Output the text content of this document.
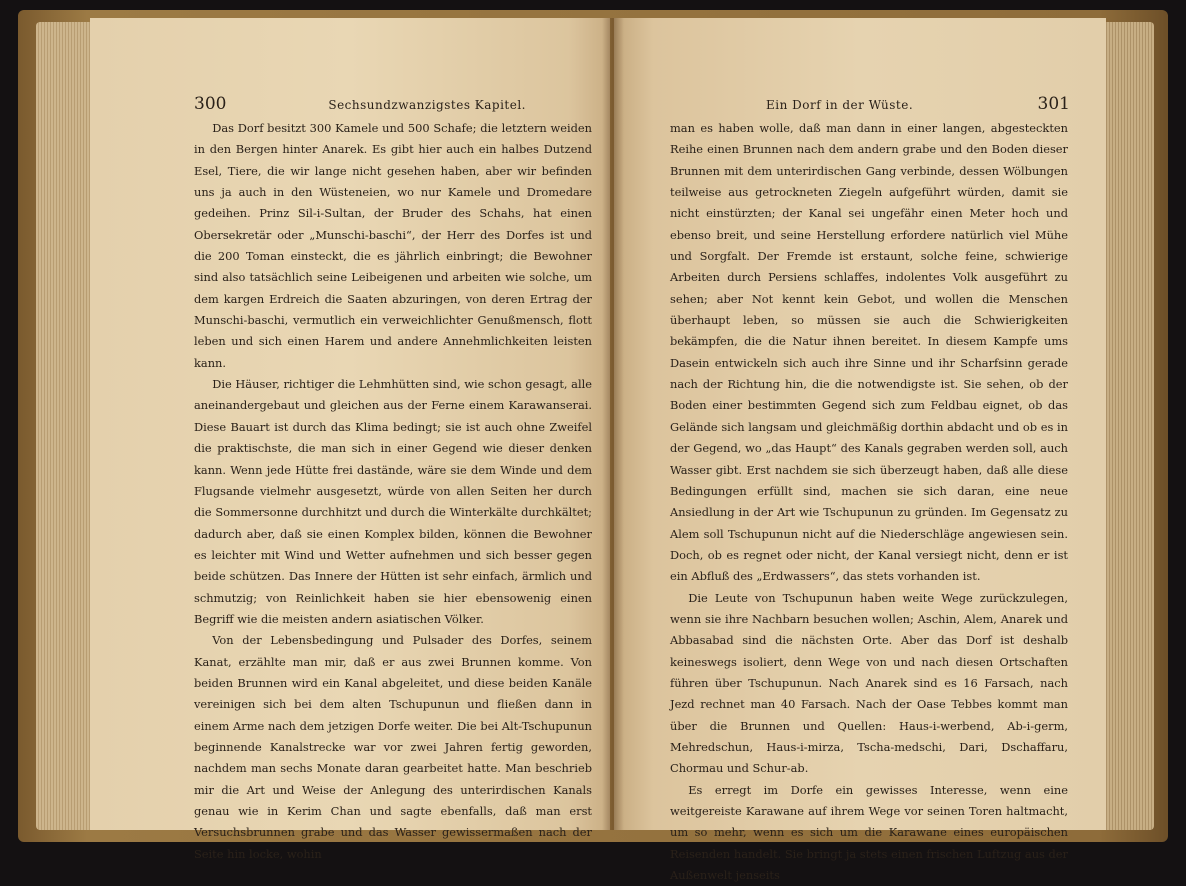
300	Sechsundzwanzigstes Kapitel.

Das Dorf besitzt 300 Kamele und 500 Schafe; die letztern weiden in den Bergen hinter Anarek. Es gibt hier auch ein halbes Dutzend Esel, Tiere, die wir lange nicht gesehen haben, aber wir befinden uns ja auch in den Wüsteneien, wo nur Kamele und Dromedare gedeihen. Prinz Sil-i-Sultan, der Bruder des Schahs, hat einen Obersekretär oder „Munschi-baschi“, der Herr des Dorfes ist und die 200 Toman einsteckt, die es jährlich einbringt; die Bewohner sind also tatsächlich seine Leibeigenen und arbeiten wie solche, um dem kargen Erdreich die Saaten abzuringen, von deren Ertrag der Munschi-baschi, vermutlich ein verweichlichter Genußmensch, flott leben und sich einen Harem und andere Annehmlichkeiten leisten kann.

Die Häuser, richtiger die Lehmhütten sind, wie schon gesagt, alle aneinandergebaut und gleichen aus der Ferne einem Karawanserai. Diese Bauart ist durch das Klima bedingt; sie ist auch ohne Zweifel die praktischste, die man sich in einer Gegend wie dieser denken kann. Wenn jede Hütte frei dastände, wäre sie dem Winde und dem Flugsande vielmehr ausgesetzt, würde von allen Seiten her durch die Sommersonne durchhitzt und durch die Winterkälte durchkältet; dadurch aber, daß sie einen Komplex bilden, können die Bewohner es leichter mit Wind und Wetter aufnehmen und sich besser gegen beide schützen. Das Innere der Hütten ist sehr einfach, ärmlich und schmutzig; von Reinlichkeit haben sie hier ebensowenig einen Begriff wie die meisten andern asiatischen Völker.

Von der Lebensbedingung und Pulsader des Dorfes, seinem Kanat, erzählte man mir, daß er aus zwei Brunnen komme. Von beiden Brunnen wird ein Kanal abgeleitet, und diese beiden Kanäle vereinigen sich bei dem alten Tschupunun und fließen dann in einem Arme nach dem jetzigen Dorfe weiter. Die bei Alt-Tschupunun beginnende Kanalstrecke war vor zwei Jahren fertig geworden, nachdem man sechs Monate daran gearbeitet hatte. Man beschrieb mir die Art und Weise der Anlegung des unterirdischen Kanals genau wie in Kerim Chan und sagte ebenfalls, daß man erst Versuchsbrunnen grabe und das Wasser gewissermaßen nach der Seite hin locke, wohin

Ein Dorf in der Wüste.	301

man es haben wolle, daß man dann in einer langen, abgesteckten Reihe einen Brunnen nach dem andern grabe und den Boden dieser Brunnen mit dem unterirdischen Gang verbinde, dessen Wölbungen teilweise aus getrockneten Ziegeln aufgeführt würden, damit sie nicht einstürzten; der Kanal sei ungefähr einen Meter hoch und ebenso breit, und seine Herstellung erfordere natürlich viel Mühe und Sorgfalt. Der Fremde ist erstaunt, solche feine, schwierige Arbeiten durch Persiens schlaffes, indolentes Volk ausgeführt zu sehen; aber Not kennt kein Gebot, und wollen die Menschen überhaupt leben, so müssen sie auch die Schwierigkeiten bekämpfen, die die Natur ihnen bereitet. In diesem Kampfe ums Dasein entwickeln sich auch ihre Sinne und ihr Scharfsinn gerade nach der Richtung hin, die die notwendigste ist. Sie sehen, ob der Boden einer bestimmten Gegend sich zum Feldbau eignet, ob das Gelände sich langsam und gleichmäßig dorthin abdacht und ob es in der Gegend, wo „das Haupt“ des Kanals gegraben werden soll, auch Wasser gibt. Erst nachdem sie sich überzeugt haben, daß alle diese Bedingungen erfüllt sind, machen sie sich daran, eine neue Ansiedlung in der Art wie Tschupunun zu gründen. Im Gegensatz zu Alem soll Tschupunun nicht auf die Niederschläge angewiesen sein. Doch, ob es regnet oder nicht, der Kanal versiegt nicht, denn er ist ein Abfluß des „Erdwassers“, das stets vorhanden ist.

Die Leute von Tschupunun haben weite Wege zurückzulegen, wenn sie ihre Nachbarn besuchen wollen; Aschin, Alem, Anarek und Abbasabad sind die nächsten Orte. Aber das Dorf ist deshalb keineswegs isoliert, denn Wege von und nach diesen Ortschaften führen über Tschupunun. Nach Anarek sind es 16 Farsach, nach Jezd rechnet man 40 Farsach. Nach der Oase Tebbes kommt man über die Brunnen und Quellen: Haus-i-werbend, Ab-i-germ, Mehredschun, Haus-i-mirza, Tscha-medschi, Dari, Dschaffaru, Chormau und Schur-ab.

Es erregt im Dorfe ein gewisses Interesse, wenn eine weitgereiste Karawane auf ihrem Wege vor seinen Toren haltmacht, um so mehr, wenn es sich um die Karawane eines europäischen Reisenden handelt. Sie bringt ja stets einen frischen Luftzug aus der Außenwelt jenseits
